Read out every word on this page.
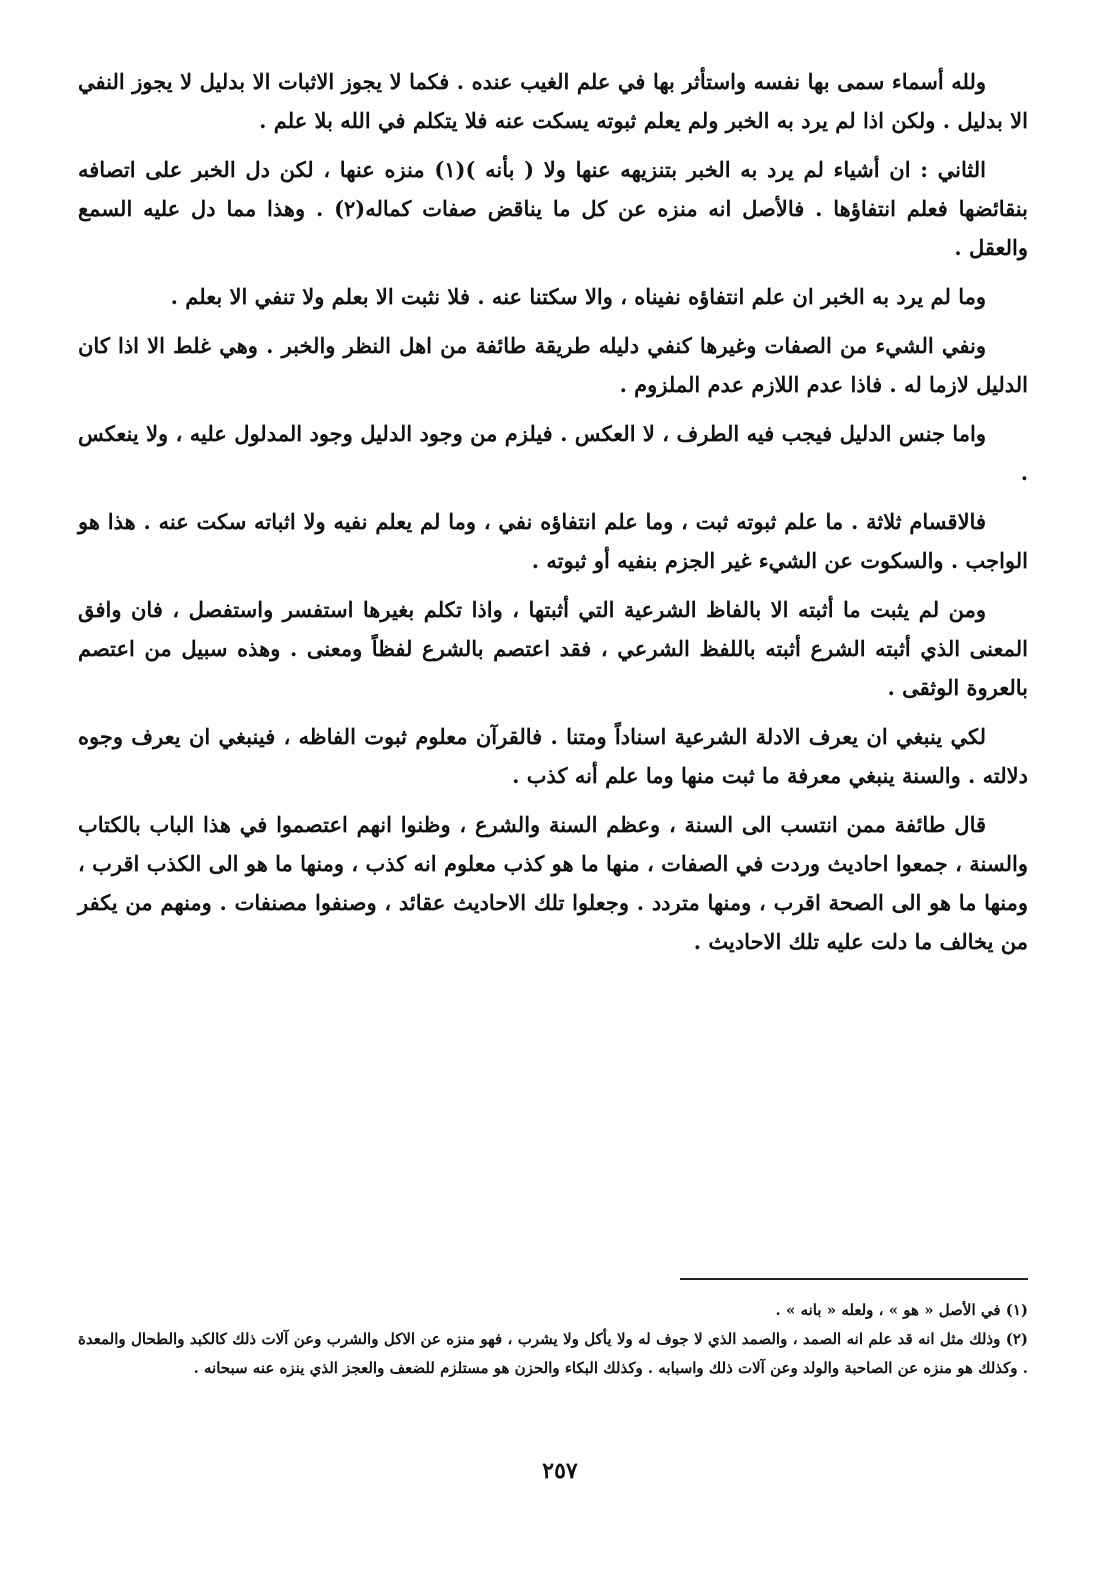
ولله أسماء سمى بها نفسه واستأثر بها في علم الغيب عنده . فكما لا يجوز الاثبات الا بدليل لا يجوز النفي الا بدليل . ولكن اذا لم يرد به الخبر ولم يعلم ثبوته يسكت عنه فلا يتكلم في الله بلا علم .

الثاني : ان أشياء لم يرد به الخبر بتنزيهه عنها ولا ( بأنه )(١) منزه عنها ، لكن دل الخبر على اتصافه بنقائضها فعلم انتفاؤها . فالأصل انه منزه عن كل ما يناقض صفات كماله(٢) . وهذا مما دل عليه السمع والعقل .

وما لم يرد به الخبر ان علم انتفاؤه نفيناه ، والا سكتنا عنه . فلا نثبت الا بعلم ولا تنفي الا بعلم .

ونفي الشيء من الصفات وغيرها كنفي دليله طريقة طائفة من اهل النظر والخبر . وهي غلط الا اذا كان الدليل لازما له . فاذا عدم اللازم عدم الملزوم .

واما جنس الدليل فيجب فيه الطرف ، لا العكس . فيلزم من وجود الدليل وجود المدلول عليه ، ولا ينعكس .

فالاقسام ثلاثة . ما علم ثبوته ثبت ، وما علم انتفاؤه نفي ، وما لم يعلم نفيه ولا اثباته سكت عنه . هذا هو الواجب . والسكوت عن الشيء غير الجزم بنفيه أو ثبوته .

ومن لم يثبت ما أثبته الا بالفاظ الشرعية التي أثبتها ، واذا تكلم بغيرها استفسر واستفصل ، فان وافق المعنى الذي أثبته الشرع أثبته باللفظ الشرعي ، فقد اعتصم بالشرع لفظاً ومعنى . وهذه سبيل من اعتصم بالعروة الوثقى .

لكي ينبغي ان يعرف الادلة الشرعية اسناداً ومتنا . فالقرآن معلوم ثبوت الفاظه ، فينبغي ان يعرف وجوه دلالته . والسنة ينبغي معرفة ما ثبت منها وما علم أنه كذب .

قال طائفة ممن انتسب الى السنة ، وعظم السنة والشرع ، وظنوا انهم اعتصموا في هذا الباب بالكتاب والسنة ، جمعوا احاديث وردت في الصفات ، منها ما هو كذب معلوم انه كذب ، ومنها ما هو الى الكذب اقرب ، ومنها ما هو الى الصحة اقرب ، ومنها متردد . وجعلوا تلك الاحاديث عقائد ، وصنفوا مصنفات . ومنهم من يكفر من يخالف ما دلت عليه تلك الاحاديث .

(١) في الأصل « هو » ، ولعله « بانه » .

(٢) وذلك مثل انه قد علم انه الصمد ، والصمد الذي لا جوف له ولا يأكل ولا يشرب ، فهو منزه عن الاكل والشرب وعن آلات ذلك كالكبد والطحال والمعدة . وكذلك هو منزه عن الصاحبة والولد وعن آلات ذلك واسبابه . وكذلك البكاء والحزن هو مستلزم للضعف والعجز الذي ينزه عنه سبحانه .

٢٥٧
